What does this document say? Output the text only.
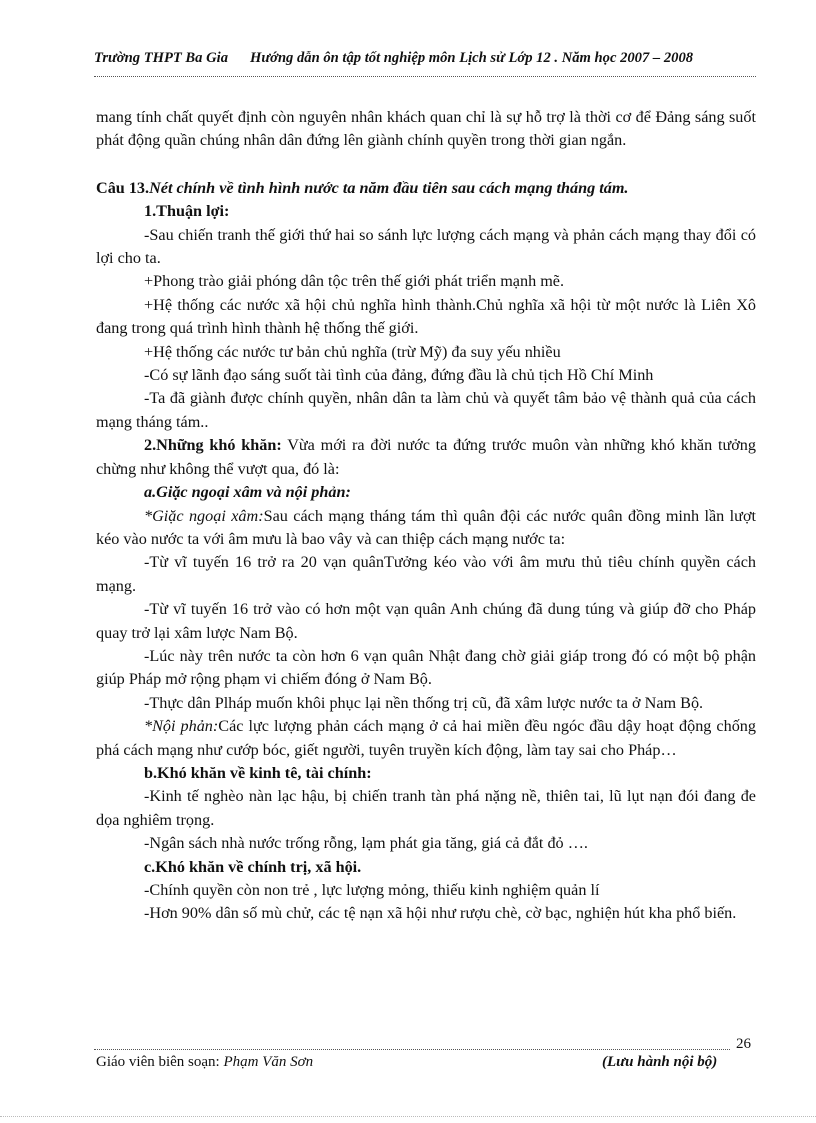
Trường THPT Ba Gia Hướng dẫn ôn tập tốt nghiệp môn Lịch sử Lớp 12 . Năm học 2007 – 2008

mang tính chất quyết định còn nguyên nhân khách quan chỉ là sự hỗ trợ là thời cơ để Đảng sáng suốt phát động quần chúng nhân dân đứng lên giành chính quyền trong thời gian ngắn.

Câu 13.Nét chính về tình hình nước ta năm đầu tiên sau cách mạng tháng tám.

1.Thuận lợi:

-Sau chiến tranh thế giới thứ hai so sánh lực lượng cách mạng và phản cách mạng thay đổi có lợi cho ta.

+Phong trào giải phóng dân tộc trên thế giới phát triển mạnh mẽ.

+Hệ thống các nước xã hội chủ nghĩa hình thành.Chủ nghĩa xã hội từ một nước là Liên Xô đang trong quá trình hình thành hệ thống thế giới.

+Hệ thống các nước tư bản chủ nghĩa (trừ Mỹ) đa suy yếu nhiều

-Có sự lãnh đạo sáng suốt tài tình của đảng, đứng đầu là chủ tịch Hồ Chí Minh

-Ta đã giành được chính quyền, nhân dân ta làm chủ và quyết tâm bảo vệ thành quả của cách mạng tháng tám..

2.Những khó khăn: Vừa mới ra đời nước ta đứng trước muôn vàn những khó khăn tưởng chừng như không thể vượt qua, đó là:

a.Giặc ngoại xâm và nội phản:

*Giặc ngoại xâm:Sau cách mạng tháng tám thì quân đội các nước quân đồng minh lần lượt kéo vào nước ta với âm mưu là bao vây và can thiệp cách mạng nước ta:

-Từ vĩ tuyến 16 trở ra 20 vạn quânTưởng kéo vào với âm mưu thủ tiêu chính quyền cách mạng.

-Từ vĩ tuyến 16 trở vào có hơn một vạn quân Anh chúng đã dung túng và giúp đỡ cho Pháp quay trở lại xâm lược Nam Bộ.

-Lúc này trên nước ta còn hơn 6 vạn quân Nhật đang chờ giải giáp trong đó có một bộ phận giúp Pháp mở rộng phạm vi chiếm đóng ở Nam Bộ.

-Thực dân Plháp muốn khôi phục lại nền thống trị cũ, đã xâm lược nước ta ở Nam Bộ.

*Nội phản:Các lực lượng phản cách mạng ở cả hai miền đều ngóc đầu dậy hoạt động chống phá cách mạng như cướp bóc, giết người, tuyên truyền kích động, làm tay sai cho Pháp…

b.Khó khăn về kinh tê, tài chính:

-Kinh tế nghèo nàn lạc hậu, bị chiến tranh tàn phá nặng nề, thiên tai, lũ lụt nạn đói đang đe dọa nghiêm trọng.

-Ngân sách nhà nước trống rỗng, lạm phát gia tăng, giá cả đắt đỏ ….

c.Khó khăn về chính trị, xã hội.

-Chính quyền còn non trẻ , lực lượng mỏng, thiếu kinh nghiệm quản lí

-Hơn 90% dân số mù chử, các tệ nạn xã hội như rượu chè, cờ bạc, nghiện hút kha phổ biến.

26
Giáo viên biên soạn: Phạm Văn Sơn	(Lưu hành nội bộ)
